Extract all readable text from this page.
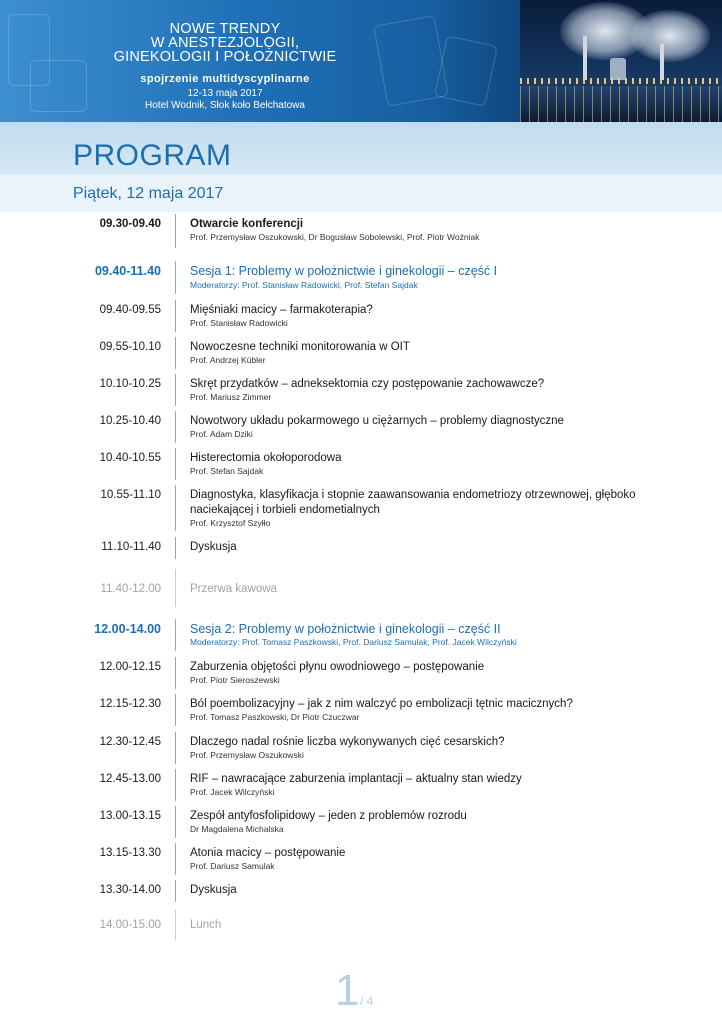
NOWE TRENDY
W ANESTEZJOLOGII,
GINEKOLOGII I POŁOŻNICTWIE
spojrzenie multidyscyplinarne
12-13 maja 2017
Hotel Wodnik, Słok koło Bełchatowa
PROGRAM
Piątek, 12 maja 2017
09.30-09.40	Otwarcie konferencji
Prof. Przemysław Oszukowski, Dr Bogusław Sobolewski, Prof. Piotr Woźniak
09.40-11.40 Sesja 1: Problemy w położnictwie i ginekologii – część I
Moderatorzy: Prof. Stanisław Radowicki, Prof. Stefan Sajdak
09.40-09.55	Mięśniaki macicy – farmakoterapia?
Prof. Stanisław Radowicki
09.55-10.10	Nowoczesne techniki monitorowania w OIT
Prof. Andrzej Kübler
10.10-10.25	Skręt przydatków – adneksektomia czy postępowanie zachowawcze?
Prof. Mariusz Zimmer
10.25-10.40	Nowotwory układu pokarmowego u ciężarnych – problemy diagnostyczne
Prof. Adam Dziki
10.40-10.55	Histerectomia okołoporodowa
Prof. Stefan Sajdak
10.55-11.10	Diagnostyka, klasyfikacja i stopnie zaawansowania endometriozy otrzewnowej, głęboko
naciekającej i torbieli endometialnych
Prof. Krzysztof Szyłło
11.10-11.40	Dyskusja
11.40-12.00	Przerwa kawowa
12.00-14.00 Sesja 2: Problemy w położnictwie i ginekologii – część II
Moderatorzy: Prof. Tomasz Paszkowski, Prof. Dariusz Samulak, Prof. Jacek Wilczyński
12.00-12.15	Zaburzenia objętości płynu owodniowego – postępowanie
Prof. Piotr Sieroszewski
12.15-12.30	Ból poembolizacyjny – jak z nim walczyć po embolizacji tętnic macicznych?
Prof. Tomasz Paszkowski, Dr Piotr Czuczwar
12.30-12.45	Dlaczego nadal rośnie liczba wykonywanych cięć cesarskich?
Prof. Przemysław Oszukowski
12.45-13.00	RIF – nawracające zaburzenia implantacji – aktualny stan wiedzy
Prof. Jacek Wilczyński
13.00-13.15	Zespół antyfosfolipidowy – jeden z problemów rozrodu
Dr Magdalena Michalska
13.15-13.30	Atonia macicy – postępowanie
Prof. Dariusz Samulak
13.30-14.00	Dyskusja
14.00-15.00	Lunch
1 / 4
